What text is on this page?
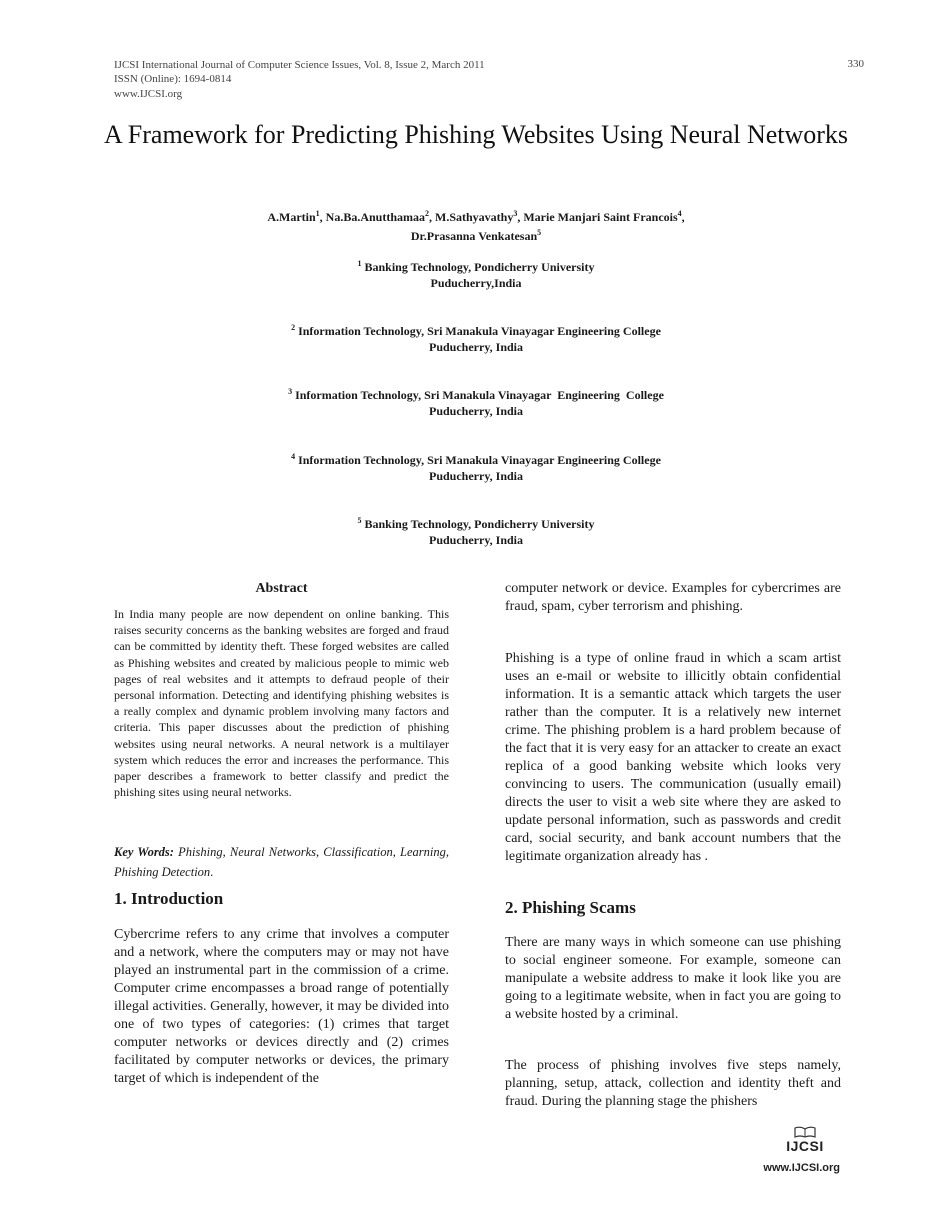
IJCSI International Journal of Computer Science Issues, Vol. 8, Issue 2, March 2011
ISSN (Online): 1694-0814
www.IJCSI.org
330
A Framework for Predicting Phishing Websites Using Neural Networks
A.Martin$^1$, Na.Ba.Anutthamaa$^2$, M.Sathyavathy$^3$, Marie Manjari Saint Francois$^4$,
Dr.Prasanna Venkatesan$^5$
$^1$ Banking Technology, Pondicherry University
Puducherry,India
$^2$ Information Technology, Sri Manakula Vinayagar Engineering College
Puducherry, India
$^3$ Information Technology, Sri Manakula Vinayagar  Engineering  College
Puducherry, India
$^4$ Information Technology, Sri Manakula Vinayagar Engineering College
Puducherry, India
$^5$ Banking Technology, Pondicherry University
Puducherry, India
Abstract

In India many people are now dependent on online banking. This raises security concerns as the banking websites are forged and fraud can be committed by identity theft. These forged websites are called as Phishing websites and created by malicious people to mimic web pages of real websites and it attempts to defraud people of their personal information. Detecting and identifying phishing websites is a really complex and dynamic problem involving many factors and criteria. This paper discusses about the prediction of phishing websites using neural networks. A neural network is a multilayer system which reduces the error and increases the performance. This paper describes a framework to better classify and predict the phishing sites using neural networks.

Key Words: Phishing, Neural Networks, Classification, Learning, Phishing Detection.
1. Introduction

Cybercrime refers to any crime that involves a computer and a network, where the computers may or may not have played an instrumental part in the commission of a crime. Computer crime encompasses a broad range of potentially illegal activities. Generally, however, it may be divided into one of two types of categories: (1) crimes that target computer networks or devices directly and (2) crimes facilitated by computer networks or devices, the primary target of which is independent of the

computer network or device. Examples for cybercrimes are fraud, spam, cyber terrorism and phishing.

Phishing is a type of online fraud in which a scam artist uses an e-mail or website to illicitly obtain confidential information. It is a semantic attack which targets the user rather than the computer. It is a relatively new internet crime. The phishing problem is a hard problem because of the fact that it is very easy for an attacker to create an exact replica of a good banking website which looks very convincing to users. The communication (usually email) directs the user to visit a web site where they are asked to update personal information, such as passwords and credit card, social security, and bank account numbers that the legitimate organization already has .

2. Phishing Scams

There are many ways in which someone can use phishing to social engineer someone. For example, someone can manipulate a website address to make it look like you are going to a legitimate website, when in fact you are going to a website hosted by a criminal.

The process of phishing involves five steps namely, planning, setup, attack, collection and identity theft and fraud. During the planning stage the phishers

IJCSI
www.IJCSI.org
